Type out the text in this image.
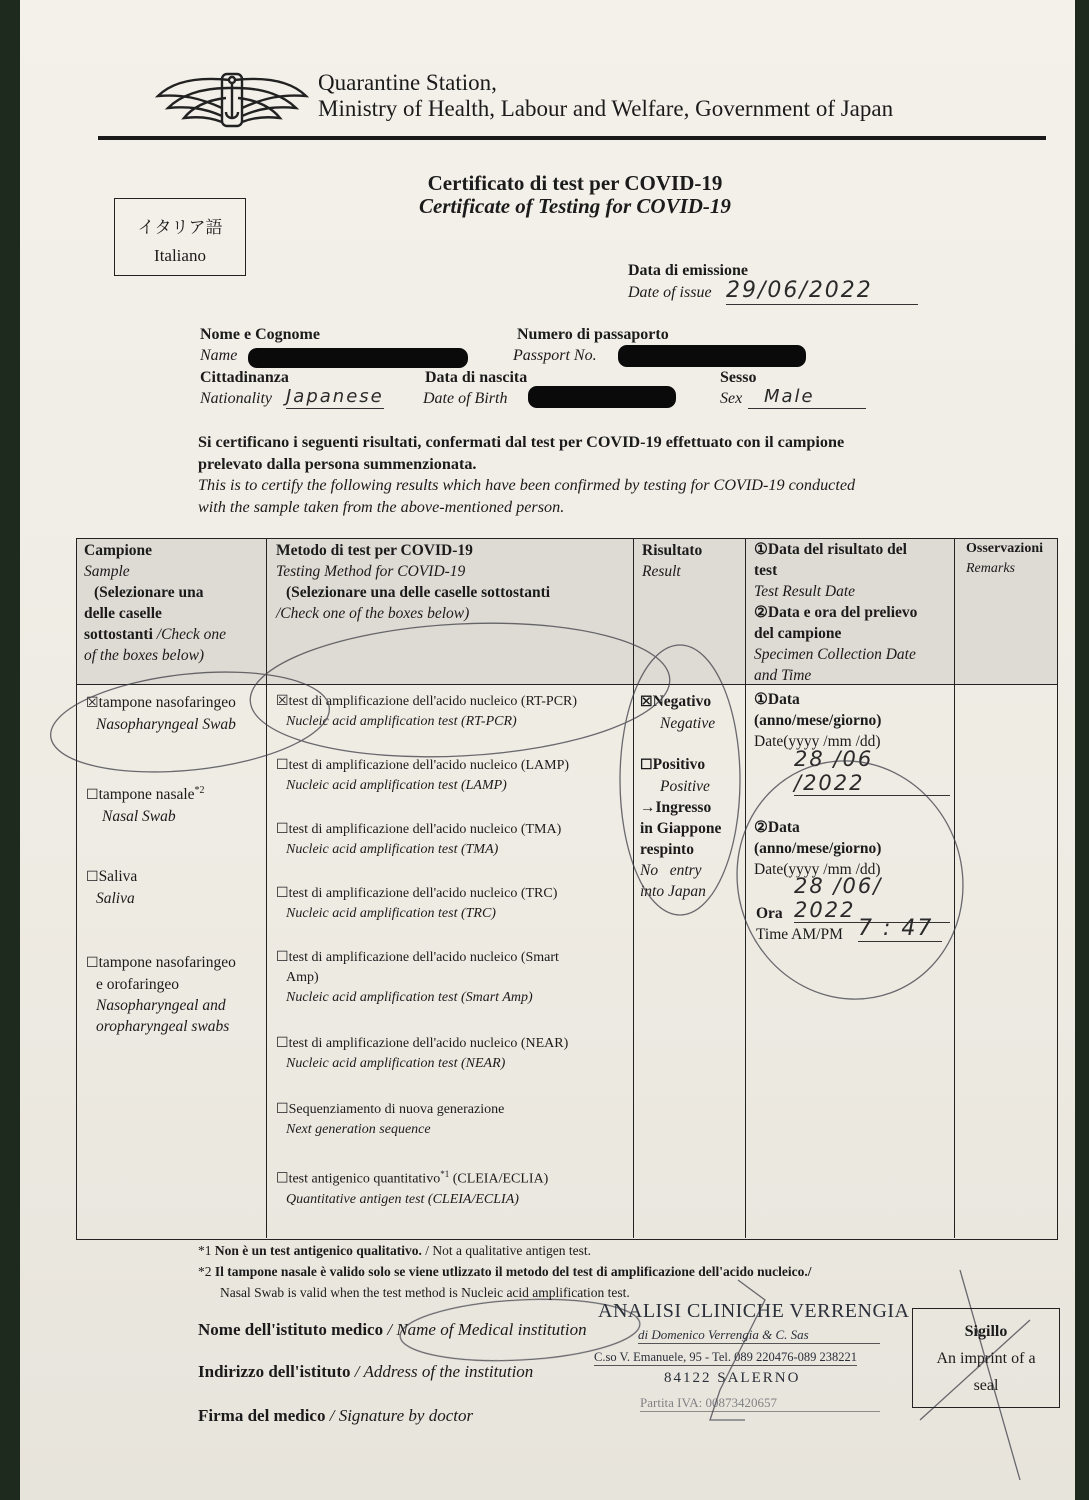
Quarantine Station,
Ministry of Health, Labour and Welfare, Government of Japan
Certificato di test per COVID-19
Certificate of Testing for COVID-19
イタリア語
Italiano
Data di emissione
Date of issue 29/06/2022
Nome e Cognome
Name
Numero di passaporto
Passport No.
Cittadinanza
Nationality Japanese
Data di nascita
Date of Birth
Sesso
Sex	Male
Si certificano i seguenti risultati, confermati dal test per COVID-19 effettuato con il campione
prelevato dalla persona summenzionata.
This is to certify the following results which have been confirmed by testing for COVID-19 conducted
with the sample taken from the above-mentioned person.
Campione
Sample
(Selezionare una
delle caselle
sottostanti /Check one
of the boxes below)
Metodo di test per COVID-19
Testing Method for COVID-19
(Selezionare una delle caselle sottostanti
/Check one of the boxes below)
Risultato
Result
①Data del risultato del
test
Test Result Date
②Data e ora del prelievo
del campione
Specimen Collection Date
and Time
Osservazioni
Remarks
☒tampone nasofaringeo
Nasopharyngeal Swab
☐tampone nasale$^{*2}$
Nasal Swab
☐Saliva
Saliva
☐tampone nasofaringeo
e orofaringeo
Nasopharyngeal and
oropharyngeal swabs
☒test di amplificazione dell'acido nucleico (RT-PCR)
Nucleic acid amplification test (RT-PCR)
☐test di amplificazione dell'acido nucleico (LAMP)
Nucleic acid amplification test (LAMP)
☐test di amplificazione dell'acido nucleico (TMA)
Nucleic acid amplification test (TMA)
☐test di amplificazione dell'acido nucleico (TRC)
Nucleic acid amplification test (TRC)
☐test di amplificazione dell'acido nucleico (Smart
Amp)
Nucleic acid amplification test (Smart Amp)
☐test di amplificazione dell'acido nucleico (NEAR)
Nucleic acid amplification test (NEAR)
☐Sequenziamento di nuova generazione
Next generation sequence
☐test antigenico quantitativo$^{*1}$ (CLEIA/ECLIA)
Quantitative antigen test (CLEIA/ECLIA)
☒Negativo
Negative
☐Positivo
Positive
→Ingresso
in Giappone
respinto
No   entry
into Japan
①Data
(anno/mese/giorno)
Date(yyyy /mm /dd)
28 /06 /2022
②Data
(anno/mese/giorno)
Date(yyyy /mm /dd)
28 /06/ 2022
Ora
Time AM/PM 7 : 47
*1 Non è un test antigenico qualitativo. / Not a qualitative antigen test.
*2 Il tampone nasale è valido solo se viene utlizzato il metodo del test di amplificazione dell'acido nucleico./
Nasal Swab is valid when the test method is Nucleic acid amplification test.
Nome dell'istituto medico / Name of Medical institution
Indirizzo dell'istituto / Address of the institution
Firma del medico / Signature by doctor
ANALISI CLINICHE VERRENGIA
di Domenico Verrengia & C. Sas
C.so V. Emanuele, 95 - Tel. 089 220476-089 238221
84122 SALERNO
Partita IVA: 00873420657
Sigillo
An imprint of a
seal
